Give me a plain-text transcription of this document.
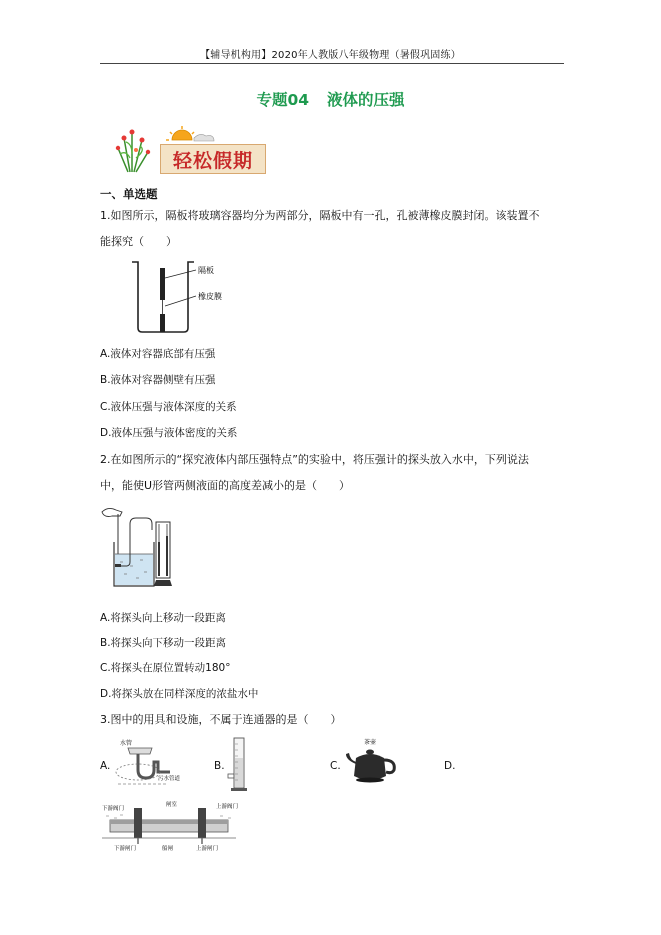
【辅导机构用】2020年人教版八年级物理（暑假巩固练）
专题04 液体的压强
轻松假期
一、单选题
1.如图所示，隔板将玻璃容器均分为两部分，隔板中有一孔，孔被薄橡皮膜封闭。该装置不
能探究（　　）
隔板
橡皮膜
A.液体对容器底部有压强
B.液体对容器侧壁有压强
C.液体压强与液体深度的关系
D.液体压强与液体密度的关系
2.在如图所示的“探究液体内部压强特点”的实验中，将压强计的探头放入水中，下列说法
中，能使U形管两侧液面的高度差减小的是（　　）
A.将探头向上移动一段距离
B.将探头向下移动一段距离
C.将探头在原位置转动180°
D.将探头放在同样深度的浓盐水中
3.图中的用具和设施，不属于连通器的是（　　）
A.
水管
污水管道
B.	C.
茶壶
D.
下游阀门
闸室	上游阀门
下游闸门	船闸	上游闸门
